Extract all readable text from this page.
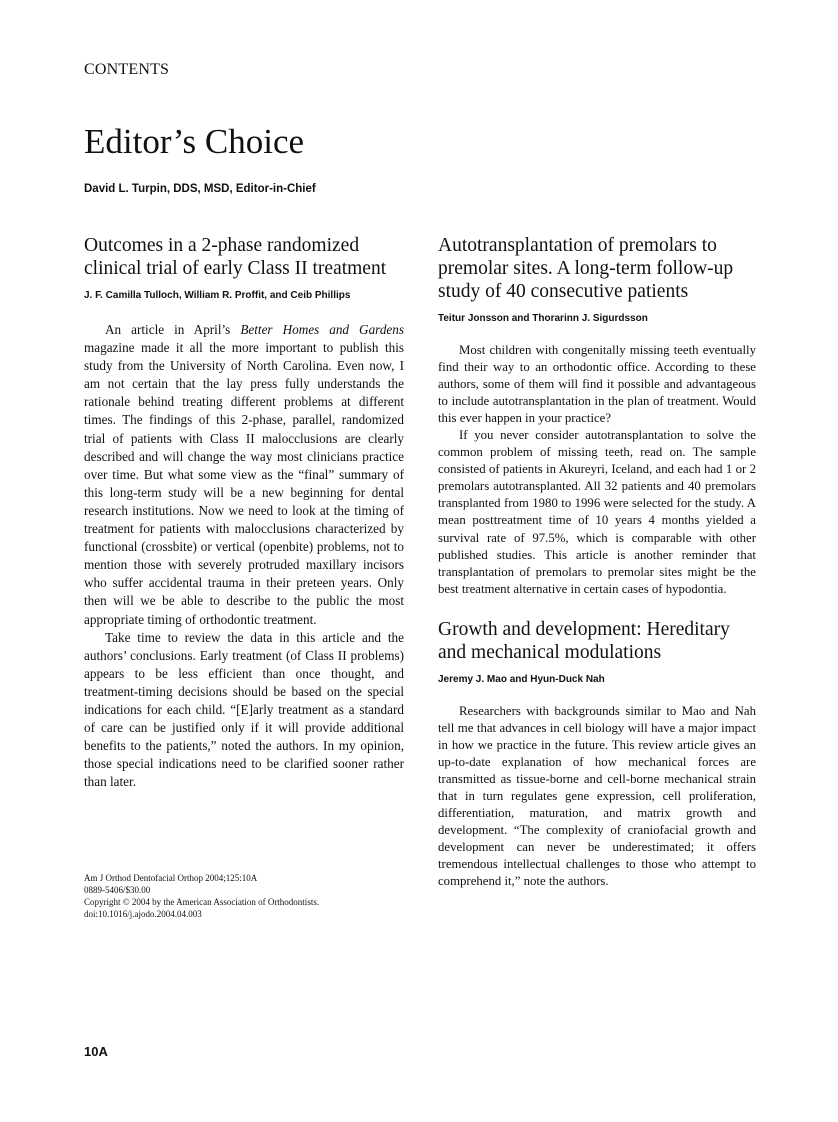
CONTENTS
Editor’s Choice
David L. Turpin, DDS, MSD, Editor-in-Chief
Outcomes in a 2-phase randomized clinical trial of early Class II treatment
J. F. Camilla Tulloch, William R. Proffit, and Ceib Phillips

An article in April’s Better Homes and Gardens magazine made it all the more important to publish this study from the University of North Carolina. Even now, I am not certain that the lay press fully understands the rationale behind treating different problems at different times. The findings of this 2-phase, parallel, randomized trial of patients with Class II malocclusions are clearly described and will change the way most clinicians practice over time. But what some view as the “final” summary of this long-term study will be a new beginning for dental research institutions. Now we need to look at the timing of treatment for patients with malocclusions characterized by functional (crossbite) or vertical (openbite) problems, not to mention those with severely protruded maxillary incisors who suffer accidental trauma in their preteen years. Only then will we be able to describe to the public the most appropriate timing of orthodontic treatment.

Take time to review the data in this article and the authors’ conclusions. Early treatment (of Class II problems) appears to be less efficient than once thought, and treatment-timing decisions should be based on the special indications for each child. “[E]arly treatment as a standard of care can be justified only if it will provide additional benefits to the patients,” noted the authors. In my opinion, those special indications need to be clarified sooner rather than later.

Autotransplantation of premolars to premolar sites. A long-term follow-up study of 40 consecutive patients
Teitur Jonsson and Thorarinn J. Sigurdsson

Most children with congenitally missing teeth eventually find their way to an orthodontic office. According to these authors, some of them will find it possible and advantageous to include autotransplantation in the plan of treatment. Would this ever happen in your practice?

If you never consider autotransplantation to solve the common problem of missing teeth, read on. The sample consisted of patients in Akureyri, Iceland, and each had 1 or 2 premolars autotransplanted. All 32 patients and 40 premolars transplanted from 1980 to 1996 were selected for the study. A mean posttreatment time of 10 years 4 months yielded a survival rate of 97.5%, which is comparable with other published studies. This article is another reminder that transplantation of premolars to premolar sites might be the best treatment alternative in certain cases of hypodontia.

Growth and development: Hereditary and mechanical modulations
Jeremy J. Mao and Hyun-Duck Nah

Researchers with backgrounds similar to Mao and Nah tell me that advances in cell biology will have a major impact in how we practice in the future. This review article gives an up-to-date explanation of how mechanical forces are transmitted as tissue-borne and cell-borne mechanical strain that in turn regulates gene expression, cell proliferation, differentiation, maturation, and matrix growth and development. “The complexity of craniofacial growth and development can never be underestimated; it offers tremendous intellectual challenges to those who attempt to comprehend it,” note the authors.

Am J Orthod Dentofacial Orthop 2004;125:10A
0889-5406/$30.00
Copyright © 2004 by the American Association of Orthodontists.
doi:10.1016/j.ajodo.2004.04.003
10A
